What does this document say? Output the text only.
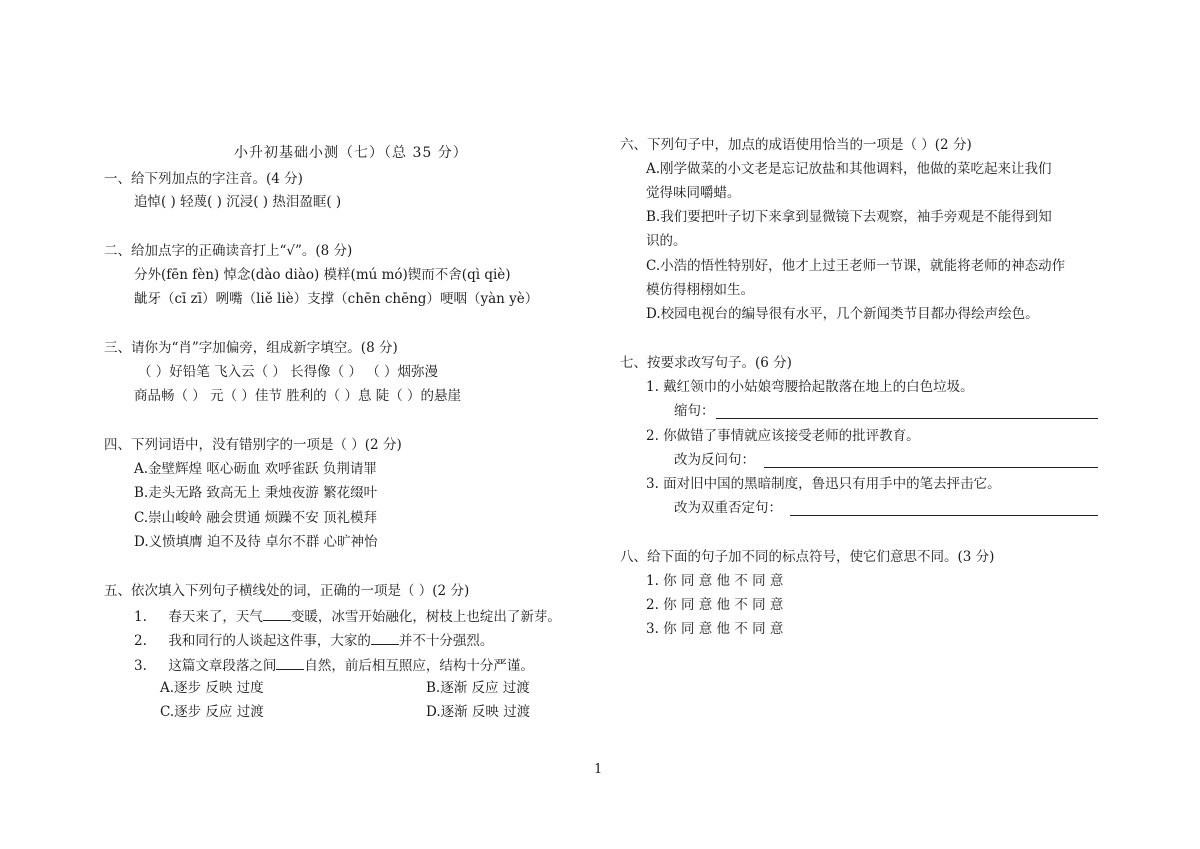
小升初基础小测（七）（总 35 分）
一、给下列加点的字注音。(4 分)
追悼( ) 轻蔑( ) 沉浸( ) 热泪盈眶( )
二、给加点字的正确读音打上“√”。(8 分)
分外(fēn fèn) 悼念(dào diào) 模样(mú mó)锲而不舍(qì qiè)
龇牙（cī zī）咧嘴（liě liè）支撑（chēn chēng）哽咽（yàn yè）
三、请你为“肖”字加偏旁，组成新字填空。(8 分)
（ ）好铅笔 飞入云（ ） 长得像（ ） （ ）烟弥漫
商品畅（ ） 元（ ）佳节 胜利的（ ）息 陡（ ）的悬崖
四、下列词语中，没有错别字的一项是（ ）(2 分)
A.金壁辉煌 呕心砺血 欢呼雀跃 负荆请罪
B.走头无路 致高无上 秉烛夜游 繁花缀叶
C.崇山峻岭 融会贯通 烦躁不安 顶礼模拜
D.义愤填膺 迫不及待 卓尔不群 心旷神怡
五、依次填入下列句子横线处的词，正确的一项是（ ）(2 分)
1. 春天来了，天气 变暖，冰雪开始融化，树枝上也绽出了新芽。
2. 我和同行的人谈起这件事，大家的 并不十分强烈。
3. 这篇文章段落之间 自然，前后相互照应，结构十分严谨。
A.逐步 反映 过度	B.逐渐 反应 过渡
C.逐步 反应 过渡	D.逐渐 反映 过渡
六、下列句子中，加点的成语使用恰当的一项是（ ）(2 分)
A.刚学做菜的小文老是忘记放盐和其他调料，他做的菜吃起来让我们
觉得味同嚼蜡。
B.我们要把叶子切下来拿到显微镜下去观察，袖手旁观是不能得到知
识的。
C.小浩的悟性特别好，他才上过王老师一节课，就能将老师的神态动作
模仿得栩栩如生。
D.校园电视台的编导很有水平，几个新闻类节目都办得绘声绘色。
七、按要求改写句子。(6 分)
1. 戴红领巾的小姑娘弯腰拾起散落在地上的白色垃圾。
缩句：
2. 你做错了事情就应该接受老师的批评教育。
改为反问句：
3. 面对旧中国的黑暗制度，鲁迅只有用手中的笔去抨击它。
改为双重否定句：
八、给下面的句子加不同的标点符号，使它们意思不同。(3 分)
1. 你 同 意 他 不 同 意
2. 你 同 意 他 不 同 意
3. 你 同 意 他 不 同 意
1
